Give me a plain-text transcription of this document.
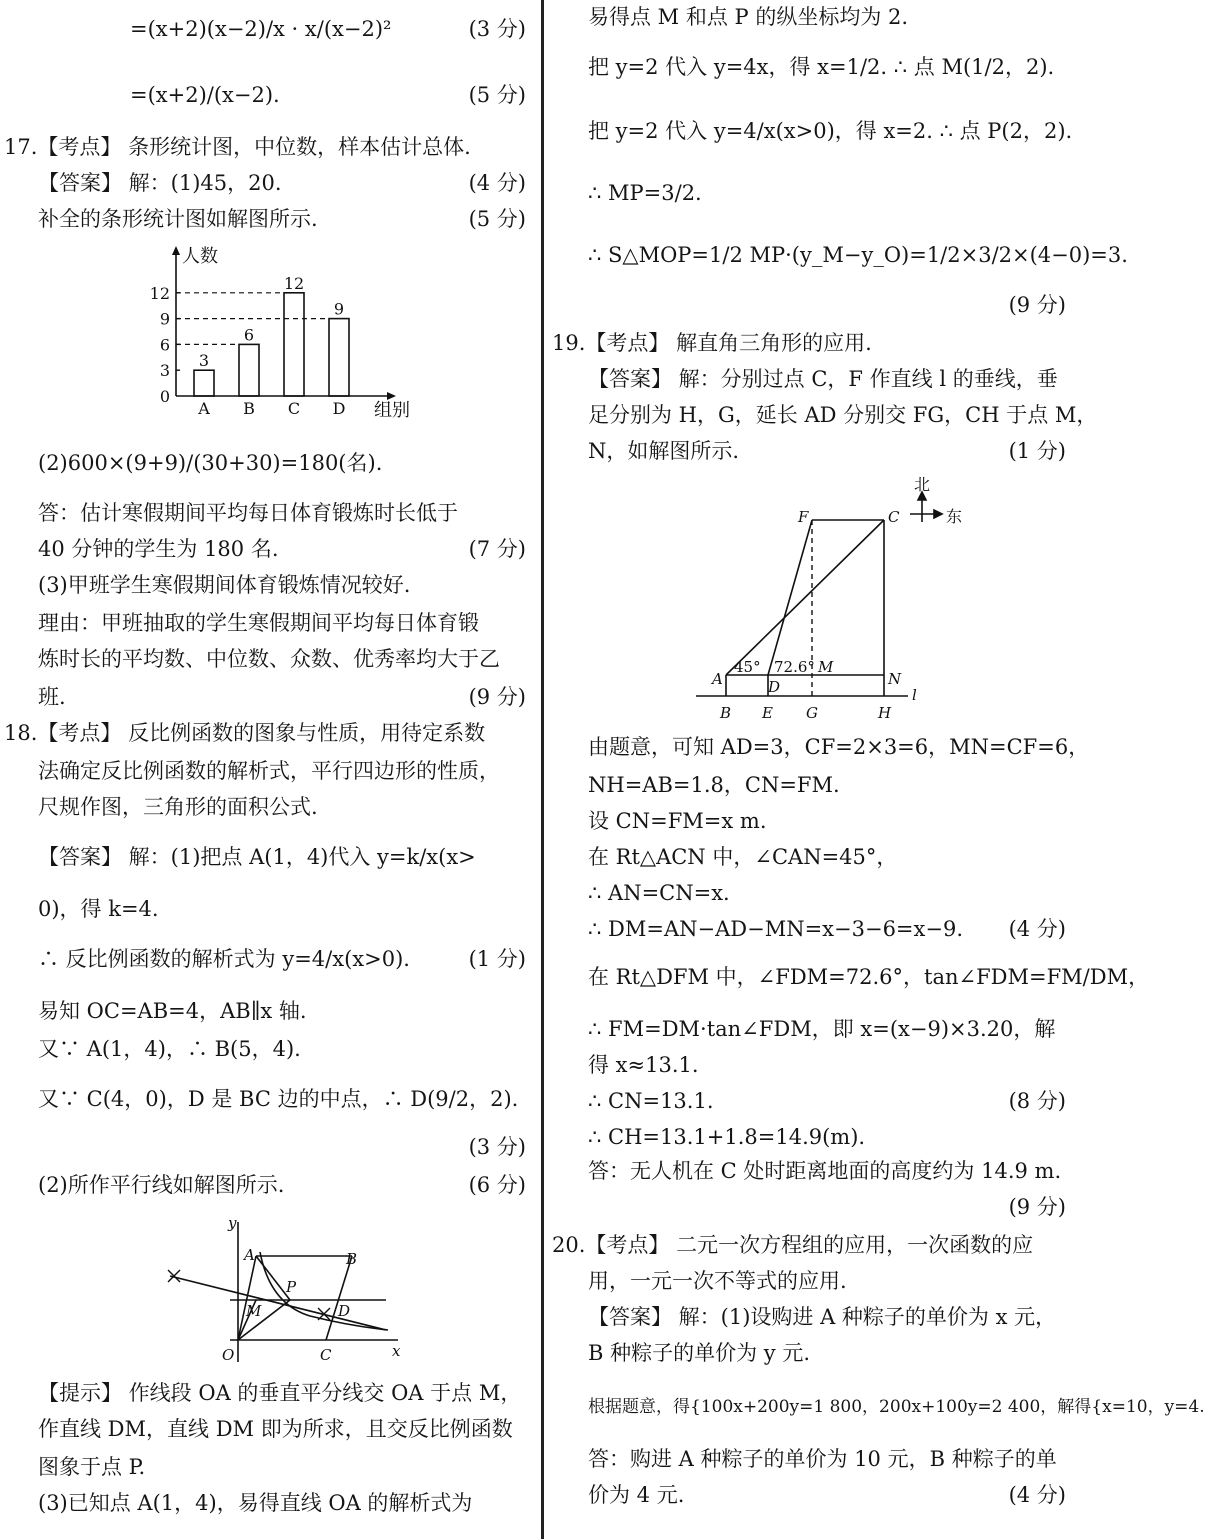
=(x+2)(x−2)/x · x/(x−2)²	(3 分)
=(x+2)/(x−2).	(5 分)
17.【考点】 条形统计图，中位数，样本估计总体.
【答案】 解：(1)45，20.	(4 分)
补全的条形统计图如解图所示.	(5 分)
人数
组别
0
3
6
9
12
3
A
6
B
12
C
9
D
(2)600×(9+9)/(30+30)=180(名).
答：估计寒假期间平均每日体育锻炼时长低于
40 分钟的学生为 180 名.	(7 分)
(3)甲班学生寒假期间体育锻炼情况较好.
理由：甲班抽取的学生寒假期间平均每日体育锻
炼时长的平均数、中位数、众数、优秀率均大于乙
班.	(9 分)
18.【考点】 反比例函数的图象与性质，用待定系数
法确定反比例函数的解析式，平行四边形的性质，
尺规作图，三角形的面积公式.
【答案】 解：(1)把点 A(1，4)代入 y=k/x(x>
0)，得 k=4.
∴ 反比例函数的解析式为 y=4/x(x>0).	(1 分)
易知 OC=AB=4，AB∥x 轴.
又∵ A(1，4)，∴ B(5，4).
又∵ C(4，0)，D 是 BC 边的中点，∴ D(9/2，2).
(3 分)
(2)所作平行线如解图所示.	(6 分)
y
x
A	B
P
M	D
O	C
【提示】 作线段 OA 的垂直平分线交 OA 于点 M，
作直线 DM，直线 DM 即为所求，且交反比例函数
图象于点 P.
(3)已知点 A(1，4)，易得直线 OA 的解析式为
易得点 M 和点 P 的纵坐标均为 2.
把 y=2 代入 y=4x，得 x=1/2. ∴ 点 M(1/2，2).
把 y=2 代入 y=4/x(x>0)，得 x=2. ∴ 点 P(2，2).
∴ MP=3/2.
∴ S△MOP=1/2 MP·(y_M−y_O)=1/2×3/2×(4−0)=3.
(9 分)
19.【考点】 解直角三角形的应用.
【答案】 解：分别过点 C，F 作直线 l 的垂线，垂
足分别为 H，G，延长 AD 分别交 FG，CH 于点 M，
N，如解图所示.	(1 分)
北
东
45° 72.6°
F	C
A	D
M
N
B E G	H
l
由题意，可知 AD=3，CF=2×3=6，MN=CF=6，
NH=AB=1.8，CN=FM.
设 CN=FM=x m.
在 Rt△ACN 中，∠CAN=45°，
∴ AN=CN=x.
∴ DM=AN−AD−MN=x−3−6=x−9. (4 分)
在 Rt△DFM 中，∠FDM=72.6°，tan∠FDM=FM/DM，
∴ FM=DM·tan∠FDM，即 x=(x−9)×3.20，解
得 x≈13.1.
∴ CN=13.1.	(8 分)
∴ CH=13.1+1.8=14.9(m).
答：无人机在 C 处时距离地面的高度约为 14.9 m.
(9 分)
20.【考点】 二元一次方程组的应用，一次函数的应
用，一元一次不等式的应用.
【答案】 解：(1)设购进 A 种粽子的单价为 x 元，
B 种粽子的单价为 y 元.
根据题意，得{100x+200y=1 800，200x+100y=2 400，解得{x=10，y=4.
答：购进 A 种粽子的单价为 10 元，B 种粽子的单
价为 4 元.	(4 分)
